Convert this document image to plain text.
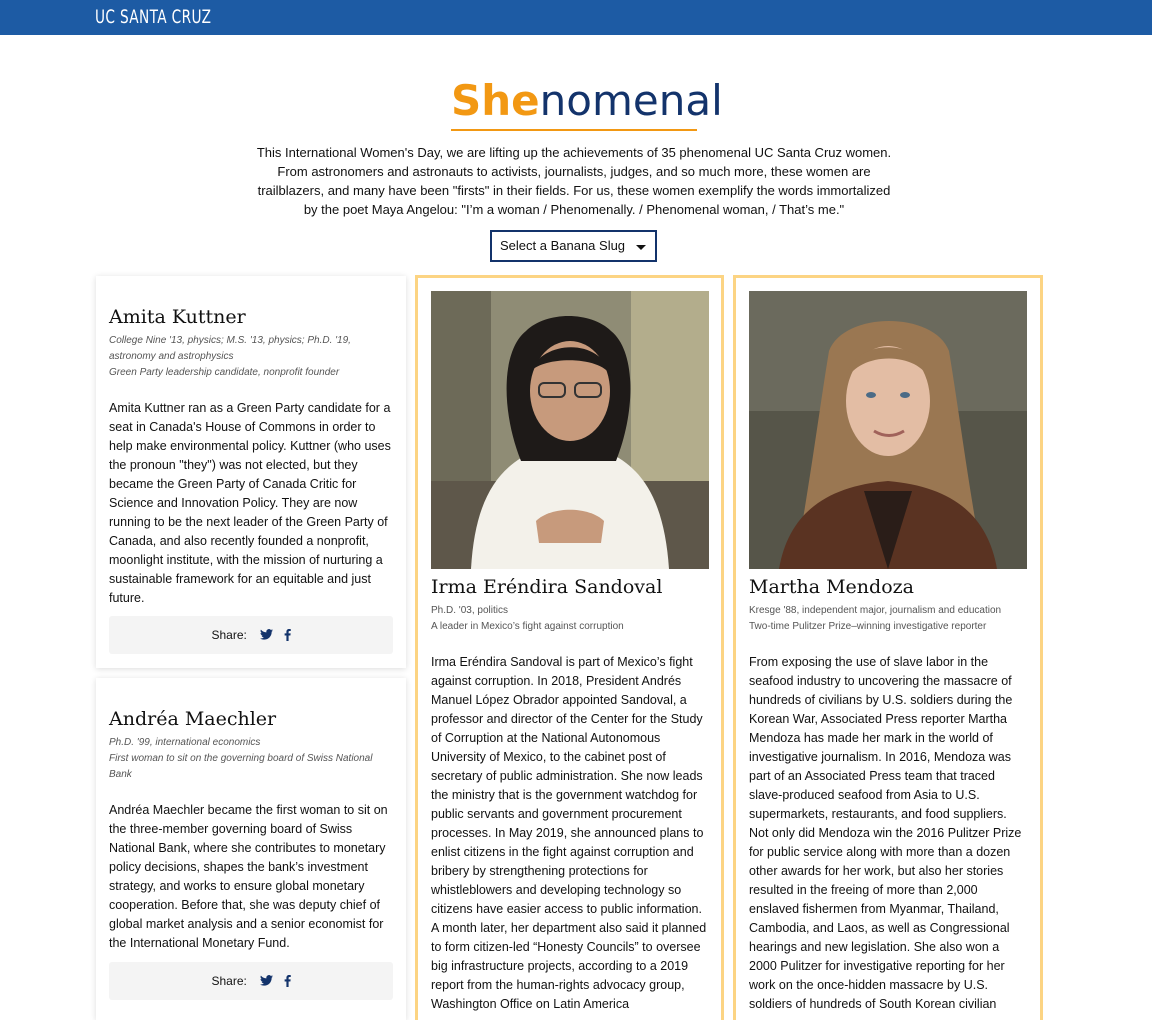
UC SANTA CRUZ
Shenomenal
This International Women's Day, we are lifting up the achievements of 35 phenomenal UC Santa Cruz women. From astronomers and astronauts to activists, journalists, judges, and so much more, these women are trailblazers, and many have been "firsts" in their fields. For us, these women exemplify the words immortalized by the poet Maya Angelou: "I’m a woman / Phenomenally. / Phenomenal woman, / That’s me."
Select a Banana Slug
Amita Kuttner
College Nine '13, physics; M.S. '13, physics; Ph.D. '19, astronomy and astrophysics
Green Party leadership candidate, nonprofit founder
Amita Kuttner ran as a Green Party candidate for a seat in Canada's House of Commons in order to help make environmental policy. Kuttner (who uses the pronoun "they") was not elected, but they became the Green Party of Canada Critic for Science and Innovation Policy. They are now running to be the next leader of the Green Party of Canada, and also recently founded a nonprofit, moonlight institute, with the mission of nurturing a sustainable framework for an equitable and just future.
Share:
Andréa Maechler
Ph.D. '99, international economics
First woman to sit on the governing board of Swiss National Bank
Andréa Maechler became the first woman to sit on the three-member governing board of Swiss National Bank, where she contributes to monetary policy decisions, shapes the bank’s investment strategy, and works to ensure global monetary cooperation. Before that, she was deputy chief of global market analysis and a senior economist for the International Monetary Fund.
Share:
Irma Eréndira Sandoval
Ph.D. '03, politics
A leader in Mexico’s fight against corruption
Irma Eréndira Sandoval is part of Mexico’s fight against corruption. In 2018, President Andrés Manuel López Obrador appointed Sandoval, a professor and director of the Center for the Study of Corruption at the National Autonomous University of Mexico, to the cabinet post of secretary of public administration. She now leads the ministry that is the government watchdog for public servants and government procurement processes. In May 2019, she announced plans to enlist citizens in the fight against corruption and bribery by strengthening protections for whistleblowers and developing technology so citizens have easier access to public information. A month later, her department also said it planned to form citizen-led “Honesty Councils” to oversee big infrastructure projects, according to a 2019 report from the human-rights advocacy group, Washington Office on Latin America
Martha Mendoza
Kresge '88, independent major, journalism and education
Two-time Pulitzer Prize–winning investigative reporter
From exposing the use of slave labor in the seafood industry to uncovering the massacre of hundreds of civilians by U.S. soldiers during the Korean War, Associated Press reporter Martha Mendoza has made her mark in the world of investigative journalism. In 2016, Mendoza was part of an Associated Press team that traced slave-produced seafood from Asia to U.S. supermarkets, restaurants, and food suppliers. Not only did Mendoza win the 2016 Pulitzer Prize for public service along with more than a dozen other awards for her work, but also her stories resulted in the freeing of more than 2,000 enslaved fishermen from Myanmar, Thailand, Cambodia, and Laos, as well as Congressional hearings and new legislation. She also won a 2000 Pulitzer for investigative reporting for her work on the once-hidden massacre by U.S. soldiers of hundreds of South Korean civilian
